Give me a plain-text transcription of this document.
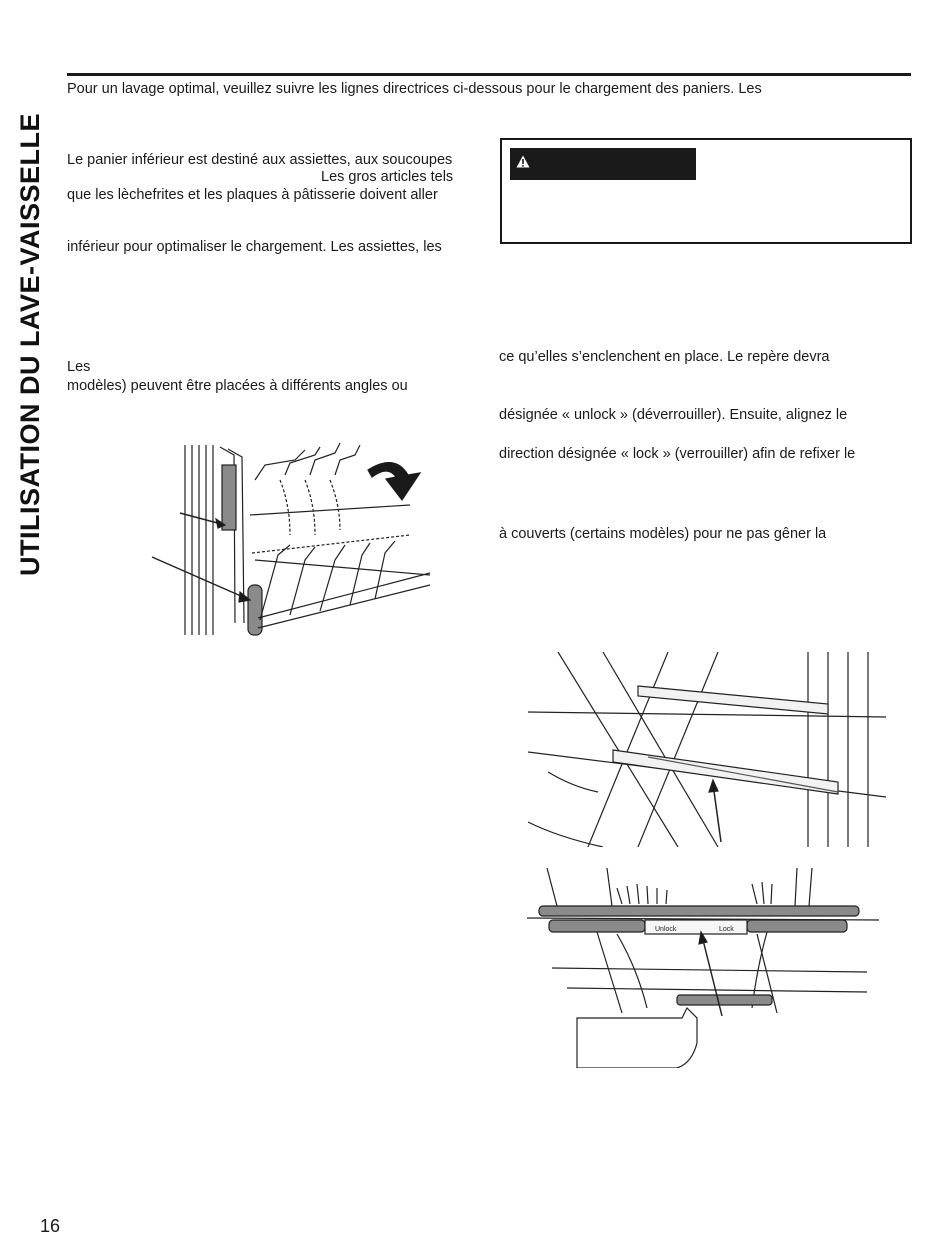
UTILISATION DU LAVE-VAISSELLE
Pour un lavage optimal, veuillez suivre les lignes directrices ci-dessous pour le chargement des paniers. Les
Le panier inférieur est destiné aux assiettes, aux soucoupes
Les gros articles tels
que les lèchefrites et les plaques à pâtisserie doivent aller
inférieur pour optimaliser le chargement. Les assiettes, les
Les
modèles) peuvent être placées à différents angles ou
ce qu’elles s’enclenchent en place. Le repère devra
désignée « unlock » (déverrouiller). Ensuite, alignez le
direction désignée « lock » (verrouiller) afin de refixer le
à couverts (certains modèles) pour ne pas gêner la
Unlock	Lock
16
